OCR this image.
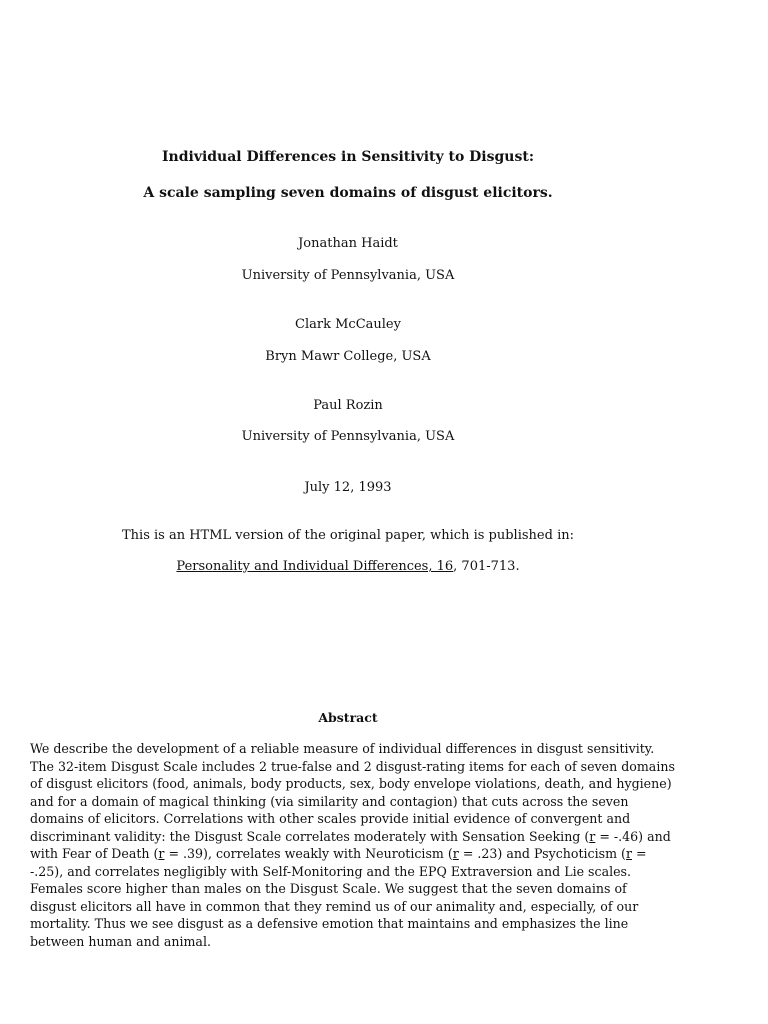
Individual Differences in Sensitivity to Disgust:
A scale sampling seven domains of disgust elicitors.
Jonathan Haidt
University of Pennsylvania, USA
Clark McCauley
Bryn Mawr College, USA
Paul Rozin
University of Pennsylvania, USA
July 12, 1993
This is an HTML version of the original paper, which is published in:
Personality and Individual Differences, 16, 701-713.
Abstract
We describe the development of a reliable measure of individual differences in disgust sensitivity. The 32-item Disgust Scale includes 2 true-false and 2 disgust-rating items for each of seven domains of disgust elicitors (food, animals, body products, sex, body envelope violations, death, and hygiene) and for a domain of magical thinking (via similarity and contagion) that cuts across the seven domains of elicitors. Correlations with other scales provide initial evidence of convergent and discriminant validity: the Disgust Scale correlates moderately with Sensation Seeking (r = -.46) and with Fear of Death (r = .39), correlates weakly with Neuroticism (r = .23) and Psychoticism (r = -.25), and correlates negligibly with Self-Monitoring and the EPQ Extraversion and Lie scales. Females score higher than males on the Disgust Scale. We suggest that the seven domains of disgust elicitors all have in common that they remind us of our animality and, especially, of our mortality. Thus we see disgust as a defensive emotion that maintains and emphasizes the line between human and animal.
